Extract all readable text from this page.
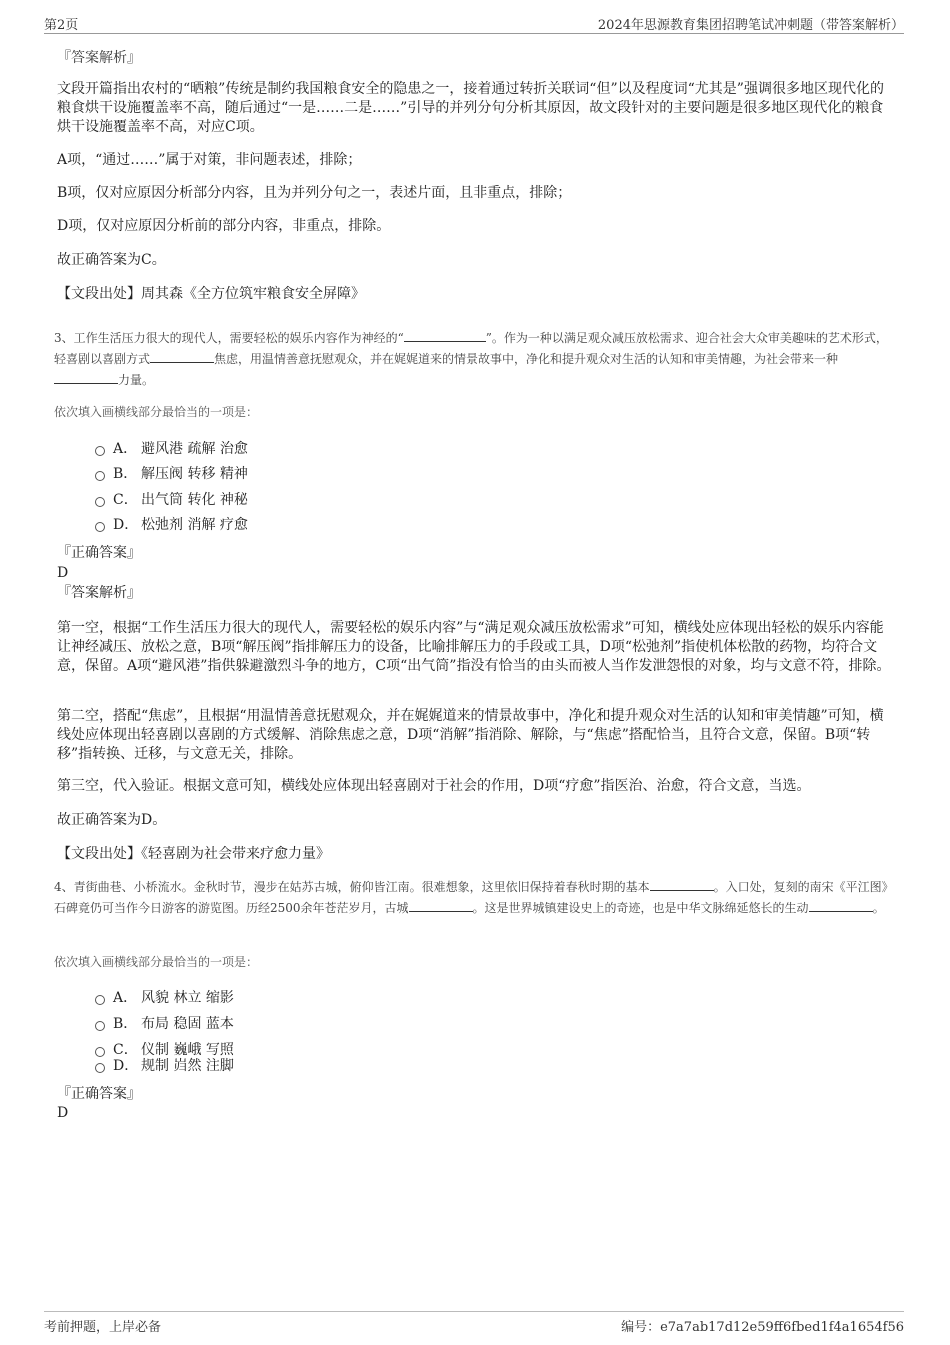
第2页	2024年思源教育集团招聘笔试冲刺题（带答案解析）
『答案解析』
文段开篇指出农村的“晒粮”传统是制约我国粮食安全的隐患之一，接着通过转折关联词“但”以及程度词“尤其是”强调很多地区现代化的粮食烘干设施覆盖率不高，随后通过“一是……二是……”引导的并列分句分析其原因，故文段针对的主要问题是很多地区现代化的粮食烘干设施覆盖率不高，对应C项。
A项，“通过……”属于对策，非问题表述，排除；
B项，仅对应原因分析部分内容，且为并列分句之一，表述片面，且非重点，排除；
D项，仅对应原因分析前的部分内容，非重点，排除。
故正确答案为C。
【文段出处】周其森《全方位筑牢粮食安全屏障》
3、工作生活压力很大的现代人，需要轻松的娱乐内容作为神经的“	”。作为一种以满足观众减压放松需求、迎合社会大众审美趣味的艺术形式，轻喜剧以喜剧方式	焦虑，用温情善意抚慰观众，并在娓娓道来的情景故事中，净化和提升观众对生活的认知和审美情趣，为社会带来一种力量。
依次填入画横线部分最恰当的一项是：
A． 避风港 疏解 治愈
B． 解压阀 转移 精神
C． 出气筒 转化 神秘
D． 松弛剂 消解 疗愈
『正确答案』
D
『答案解析』
第一空，根据“工作生活压力很大的现代人，需要轻松的娱乐内容”与“满足观众减压放松需求”可知，横线处应体现出轻松的娱乐内容能让神经减压、放松之意，B项“解压阀”指排解压力的设备，比喻排解压力的手段或工具，D项“松弛剂”指使机体松散的药物，均符合文意，保留。A项“避风港”指供躲避激烈斗争的地方，C项“出气筒”指没有恰当的由头而被人当作发泄怨恨的对象，均与文意不符，排除。
第二空，搭配“焦虑”，且根据“用温情善意抚慰观众，并在娓娓道来的情景故事中，净化和提升观众对生活的认知和审美情趣”可知，横线处应体现出轻喜剧以喜剧的方式缓解、消除焦虑之意，D项“消解”指消除、解除，与“焦虑”搭配恰当，且符合文意，保留。B项“转移”指转换、迁移，与文意无关，排除。
第三空，代入验证。根据文意可知，横线处应体现出轻喜剧对于社会的作用，D项“疗愈”指医治、治愈，符合文意，当选。
故正确答案为D。
【文段出处】《轻喜剧为社会带来疗愈力量》
4、青街曲巷、小桥流水。金秋时节，漫步在姑苏古城，俯仰皆江南。很难想象，这里依旧保持着春秋时期的基本	。入口处，复刻的南宋《平江图》石碑竟仍可当作今日游客的游览图。历经2500余年苍茫岁月，古城	。这是世界城镇建设史上的奇迹，也是中华文脉绵延悠长的生动	。
依次填入画横线部分最恰当的一项是：
A． 风貌 林立 缩影
B． 布局 稳固 蓝本
C． 仪制 巍峨 写照
D． 规制 岿然 注脚
『正确答案』
D
考前押题，上岸必备	编号：e7a7ab17d12e59ff6fbed1f4a1654f56
